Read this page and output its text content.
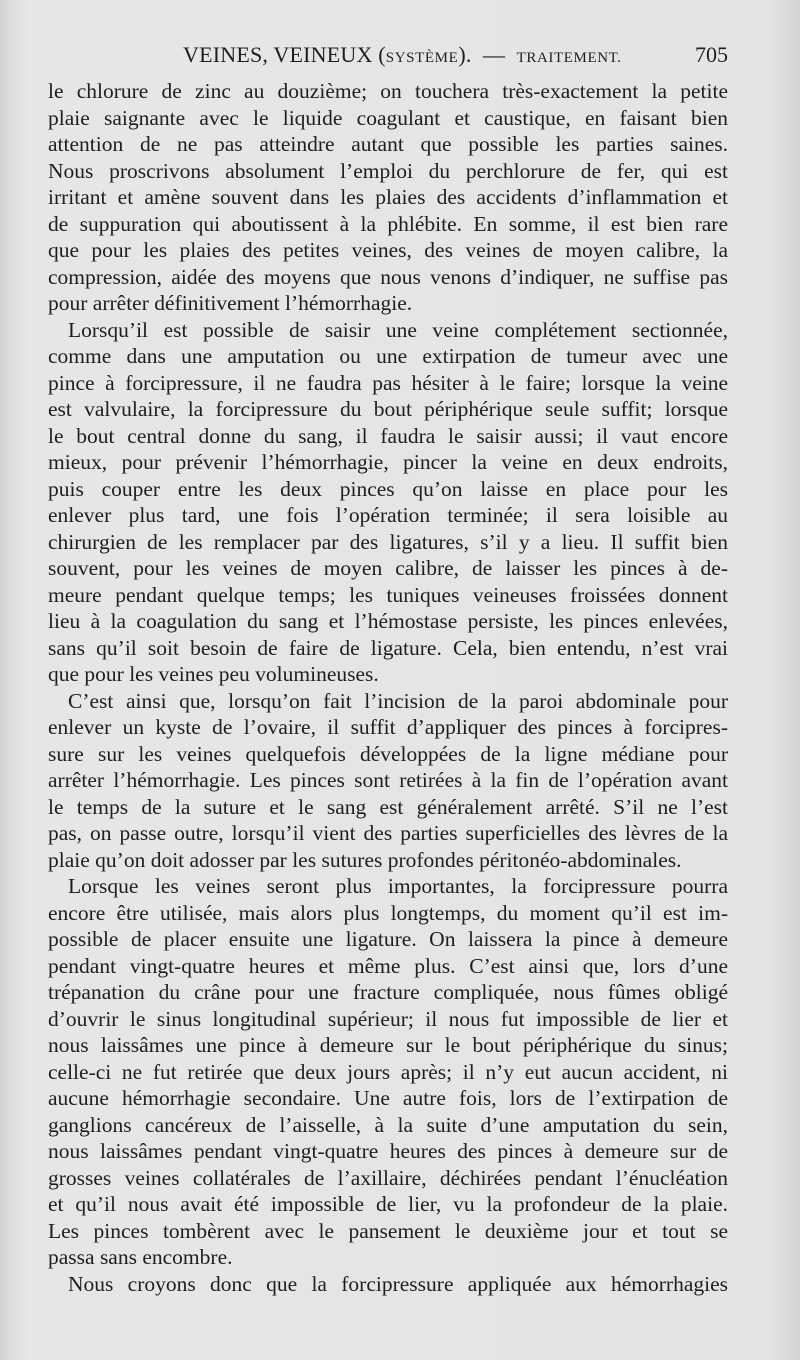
VEINES, VEINEUX (SYSTÈME). — TRAITEMENT.	705
le chlorure de zinc au douzième; on touchera très-exactement la petite
plaie saignante avec le liquide coagulant et caustique, en faisant bien
attention de ne pas atteindre autant que possible les parties saines.
Nous proscrivons absolument l’emploi du perchlorure de fer, qui est
irritant et amène souvent dans les plaies des accidents d’inflammation et
de suppuration qui aboutissent à la phlébite. En somme, il est bien rare
que pour les plaies des petites veines, des veines de moyen calibre, la
compression, aidée des moyens que nous venons d’indiquer, ne suffise pas
pour arrêter définitivement l’hémorrhagie.
Lorsqu’il est possible de saisir une veine complétement sectionnée,
comme dans une amputation ou une extirpation de tumeur avec une
pince à forcipressure, il ne faudra pas hésiter à le faire; lorsque la veine
est valvulaire, la forcipressure du bout périphérique seule suffit; lorsque
le bout central donne du sang, il faudra le saisir aussi; il vaut encore
mieux, pour prévenir l’hémorrhagie, pincer la veine en deux endroits,
puis couper entre les deux pinces qu’on laisse en place pour les
enlever plus tard, une fois l’opération terminée; il sera loisible au
chirurgien de les remplacer par des ligatures, s’il y a lieu. Il suffit bien
souvent, pour les veines de moyen calibre, de laisser les pinces à de-
meure pendant quelque temps; les tuniques veineuses froissées donnent
lieu à la coagulation du sang et l’hémostase persiste, les pinces enlevées,
sans qu’il soit besoin de faire de ligature. Cela, bien entendu, n’est vrai
que pour les veines peu volumineuses.
C’est ainsi que, lorsqu’on fait l’incision de la paroi abdominale pour
enlever un kyste de l’ovaire, il suffit d’appliquer des pinces à forcipres-
sure sur les veines quelquefois développées de la ligne médiane pour
arrêter l’hémorrhagie. Les pinces sont retirées à la fin de l’opération avant
le temps de la suture et le sang est généralement arrêté. S’il ne l’est
pas, on passe outre, lorsqu’il vient des parties superficielles des lèvres de la
plaie qu’on doit adosser par les sutures profondes péritonéo-abdominales.
Lorsque les veines seront plus importantes, la forcipressure pourra
encore être utilisée, mais alors plus longtemps, du moment qu’il est im-
possible de placer ensuite une ligature. On laissera la pince à demeure
pendant vingt-quatre heures et même plus. C’est ainsi que, lors d’une
trépanation du crâne pour une fracture compliquée, nous fûmes obligé
d’ouvrir le sinus longitudinal supérieur; il nous fut impossible de lier et
nous laissâmes une pince à demeure sur le bout périphérique du sinus;
celle-ci ne fut retirée que deux jours après; il n’y eut aucun accident, ni
aucune hémorrhagie secondaire. Une autre fois, lors de l’extirpation de
ganglions cancéreux de l’aisselle, à la suite d’une amputation du sein,
nous laissâmes pendant vingt-quatre heures des pinces à demeure sur de
grosses veines collatérales de l’axillaire, déchirées pendant l’énucléation
et qu’il nous avait été impossible de lier, vu la profondeur de la plaie.
Les pinces tombèrent avec le pansement le deuxième jour et tout se
passa sans encombre.
Nous croyons donc que la forcipressure appliquée aux hémorrhagies
